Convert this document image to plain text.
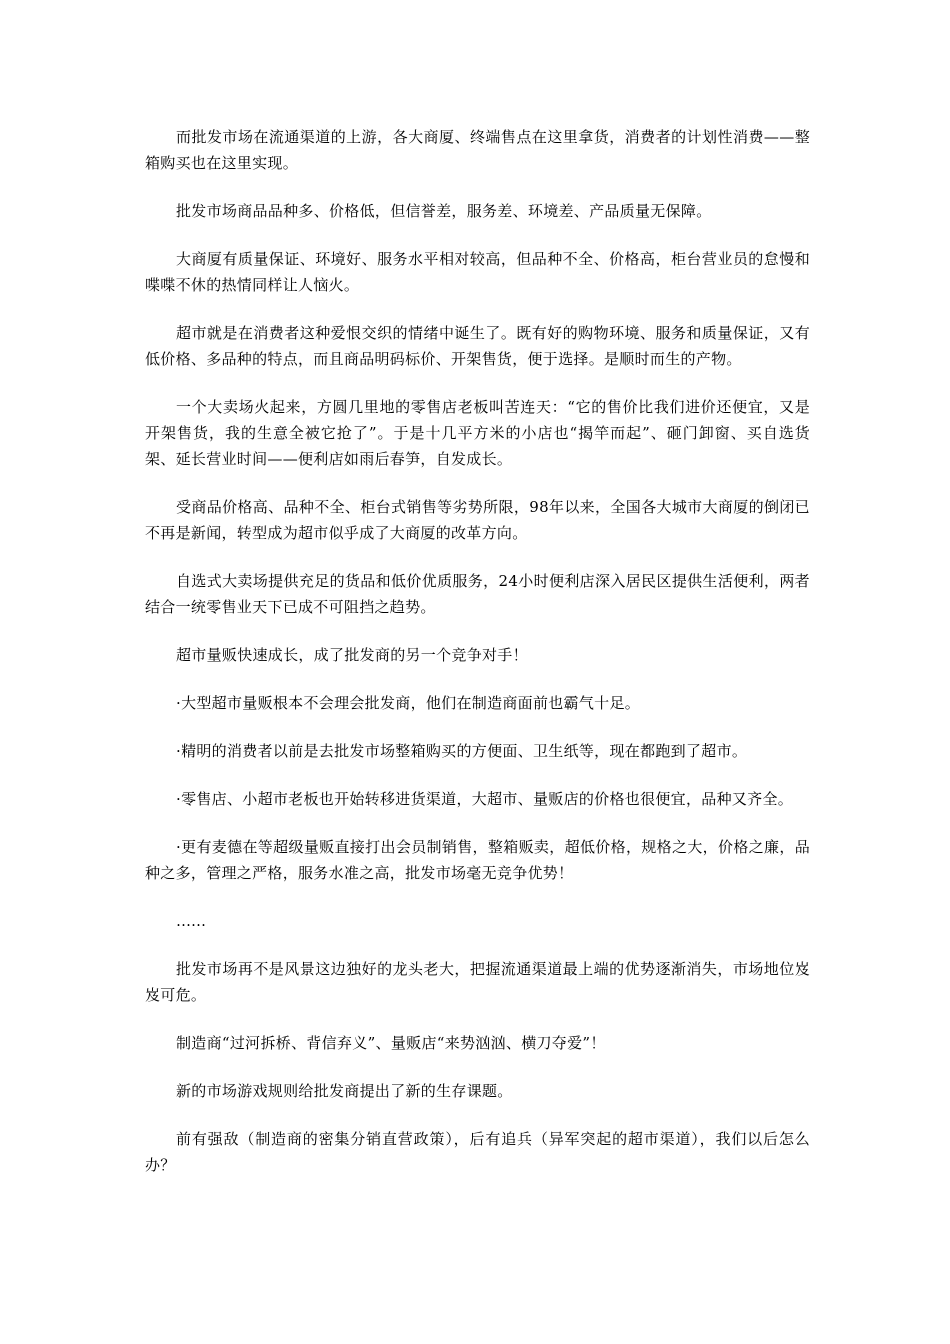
而批发市场在流通渠道的上游，各大商厦、终端售点在这里拿货，消费者的计划性消费——整箱购买也在这里实现。

批发市场商品品种多、价格低，但信誉差，服务差、环境差、产品质量无保障。

大商厦有质量保证、环境好、服务水平相对较高，但品种不全、价格高，柜台营业员的怠慢和喋喋不休的热情同样让人恼火。

超市就是在消费者这种爱恨交织的情绪中诞生了。既有好的购物环境、服务和质量保证，又有低价格、多品种的特点，而且商品明码标价、开架售货，便于选择。是顺时而生的产物。

一个大卖场火起来，方圆几里地的零售店老板叫苦连天：“它的售价比我们进价还便宜，又是开架售货，我的生意全被它抢了”。于是十几平方米的小店也“揭竿而起”、砸门卸窗、买自选货架、延长营业时间——便利店如雨后春笋，自发成长。

受商品价格高、品种不全、柜台式销售等劣势所限，98年以来，全国各大城市大商厦的倒闭已不再是新闻，转型成为超市似乎成了大商厦的改革方向。

自选式大卖场提供充足的货品和低价优质服务，24小时便利店深入居民区提供生活便利，两者结合一统零售业天下已成不可阻挡之趋势。

超市量贩快速成长，成了批发商的另一个竞争对手！

·大型超市量贩根本不会理会批发商，他们在制造商面前也霸气十足。

·精明的消费者以前是去批发市场整箱购买的方便面、卫生纸等，现在都跑到了超市。

·零售店、小超市老板也开始转移进货渠道，大超市、量贩店的价格也很便宜，品种又齐全。

·更有麦德在等超级量贩直接打出会员制销售，整箱贩卖，超低价格，规格之大，价格之廉，品种之多，管理之严格，服务水准之高，批发市场毫无竞争优势！

……

批发市场再不是风景这边独好的龙头老大，把握流通渠道最上端的优势逐渐消失，市场地位岌岌可危。

制造商“过河拆桥、背信弃义”、量贩店“来势汹汹、横刀夺爱”！

新的市场游戏规则给批发商提出了新的生存课题。

前有强敌（制造商的密集分销直营政策），后有追兵（异军突起的超市渠道），我们以后怎么办？
